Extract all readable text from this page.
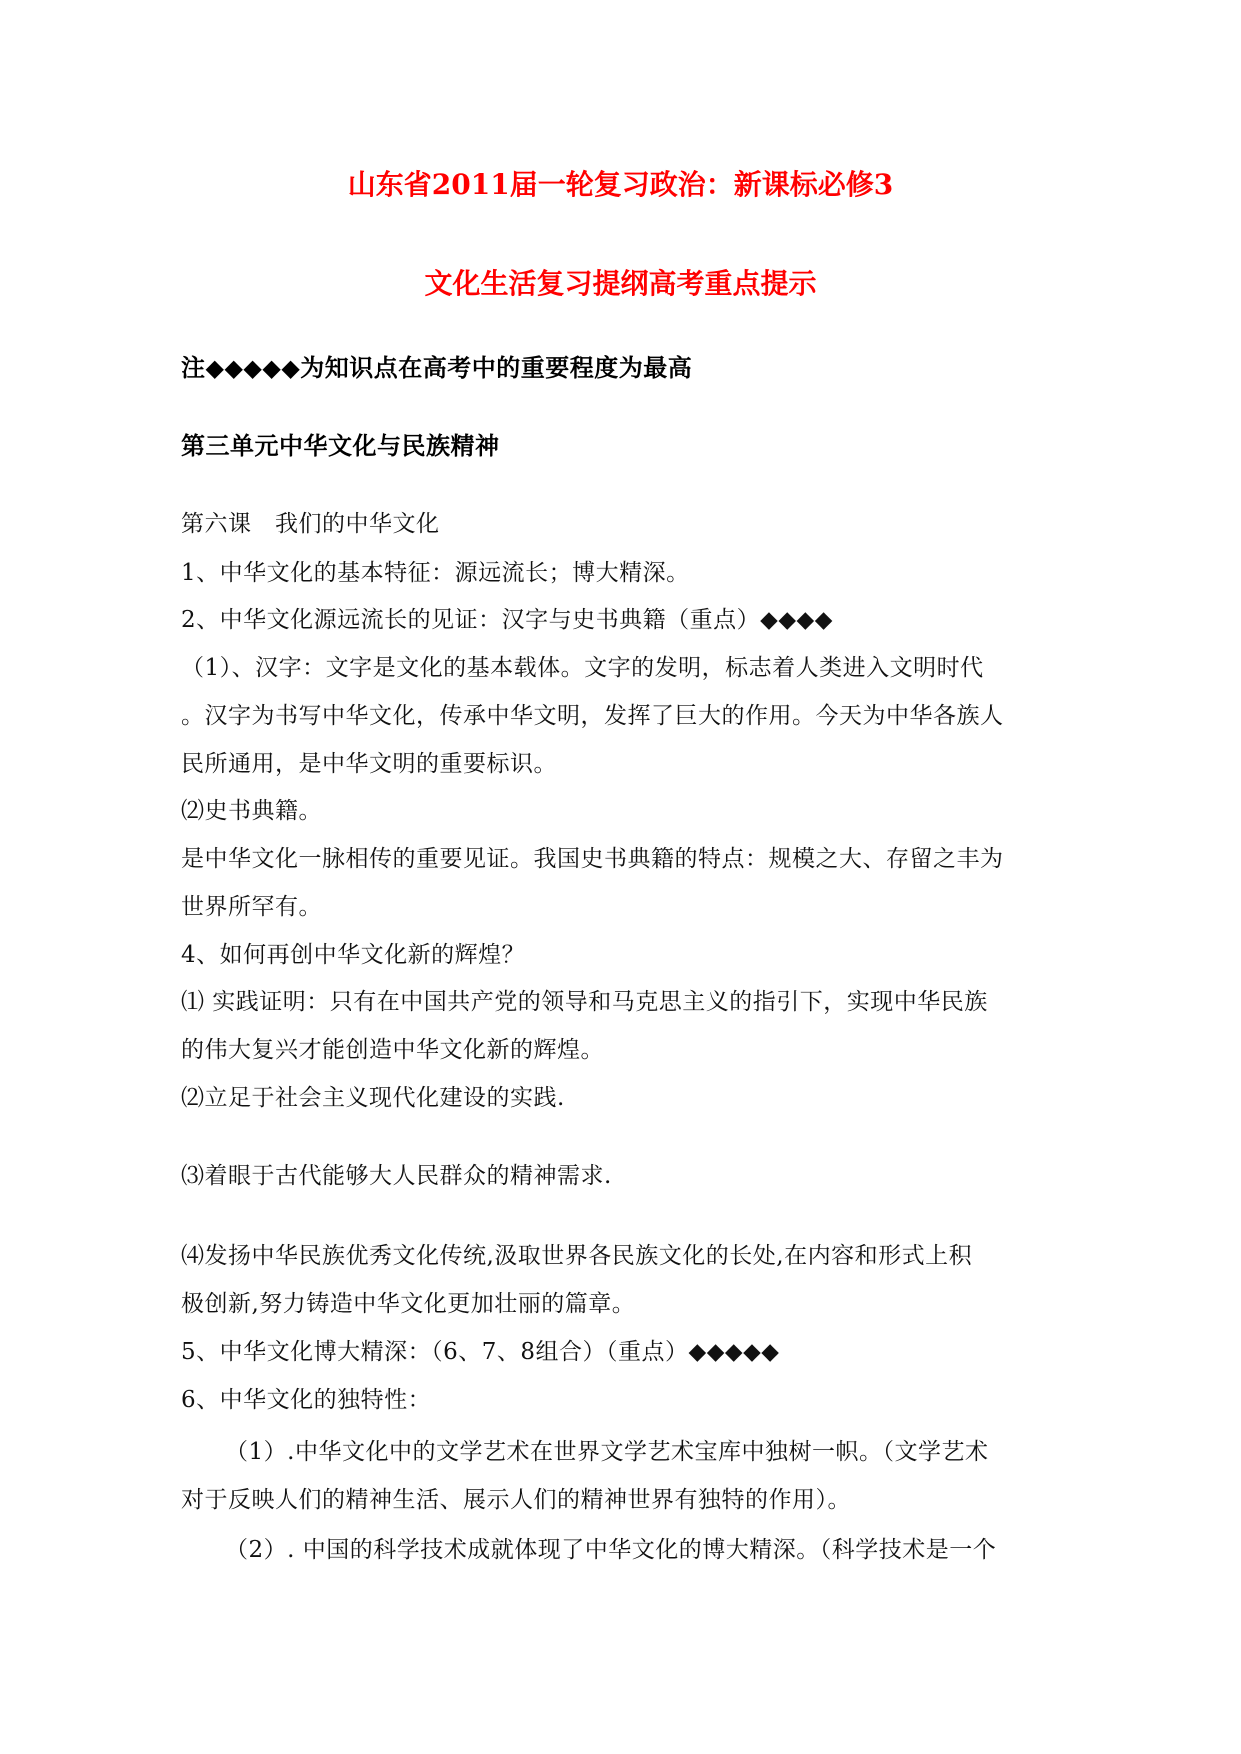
山东省2011届一轮复习政治：新课标必修3
文化生活复习提纲高考重点提示
注◆◆◆◆◆为知识点在高考中的重要程度为最高
第三单元中华文化与民族精神
第六课　我们的中华文化
1、中华文化的基本特征：源远流长；博大精深。
2、中华文化源远流长的见证：汉字与史书典籍（重点）◆◆◆◆
（1）、汉字：文字是文化的基本载体。文字的发明，标志着人类进入文明时代
。汉字为书写中华文化，传承中华文明，发挥了巨大的作用。今天为中华各族人
民所通用，是中华文明的重要标识。
⑵史书典籍。
是中华文化一脉相传的重要见证。我国史书典籍的特点：规模之大、存留之丰为
世界所罕有。
4、如何再创中华文化新的辉煌？
⑴ 实践证明：只有在中国共产党的领导和马克思主义的指引下，实现中华民族
的伟大复兴才能创造中华文化新的辉煌。
⑵立足于社会主义现代化建设的实践.
⑶着眼于古代能够大人民群众的精神需求.
⑷发扬中华民族优秀文化传统,汲取世界各民族文化的长处,在内容和形式上积
极创新,努力铸造中华文化更加壮丽的篇章。
5、中华文化博大精深：（6、7、8组合）（重点）◆◆◆◆◆
6、中华文化的独特性：
（1）.中华文化中的文学艺术在世界文学艺术宝库中独树一帜。（文学艺术
对于反映人们的精神生活、展示人们的精神世界有独特的作用）。
（2）. 中国的科学技术成就体现了中华文化的博大精深。（科学技术是一个
